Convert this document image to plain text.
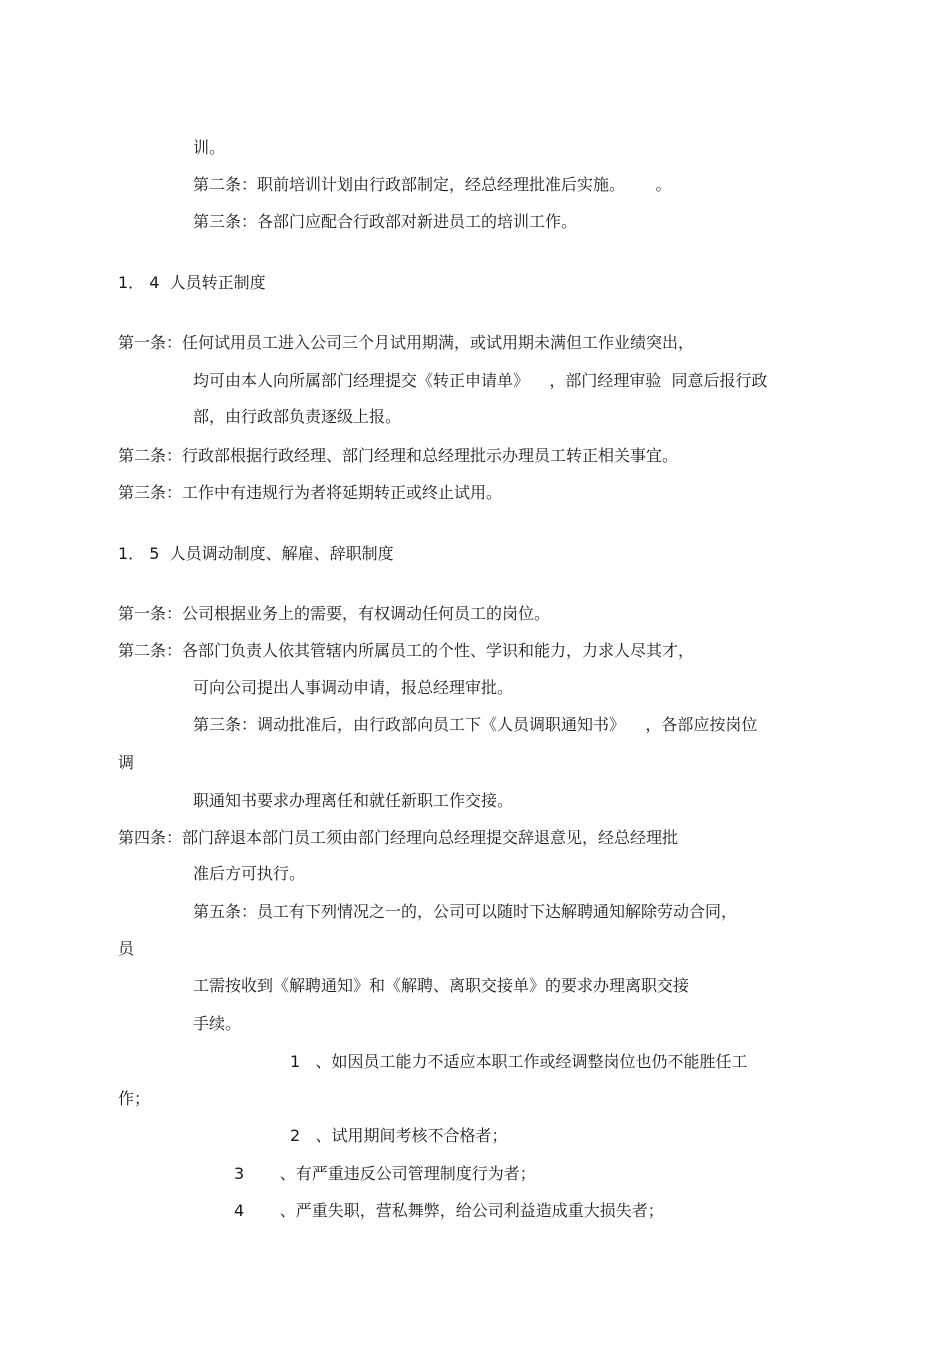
训。
第二条：职前培训计划由行政部制定，经总经理批准后实施。      。
第三条：各部门应配合行政部对新进员工的培训工作。
1． 4  人员转正制度
第一条：任何试用员工进入公司三个月试用期满，或试用期未满但工作业绩突出，
均可由本人向所属部门经理提交《转正申请单》    ，部门经理审验  同意后报行政
部，由行政部负责逐级上报。
第二条：行政部根据行政经理、部门经理和总经理批示办理员工转正相关事宜。
第三条：工作中有违规行为者将延期转正或终止试用。
1． 5  人员调动制度、解雇、辞职制度
第一条：公司根据业务上的需要，有权调动任何员工的岗位。
第二条：各部门负责人依其管辖内所属员工的个性、学识和能力，力求人尽其才，
可向公司提出人事调动申请，报总经理审批。
第三条：调动批准后，由行政部向员工下《人员调职通知书》    ，各部应按岗位
调
职通知书要求办理离任和就任新职工作交接。
第四条：部门辞退本部门员工须由部门经理向总经理提交辞退意见，经总经理批
准后方可执行。
第五条：员工有下列情况之一的，公司可以随时下达解聘通知解除劳动合同，
员
工需按收到《解聘通知》和《解聘、离职交接单》的要求办理离职交接
手续。
1   、如因员工能力不适应本职工作或经调整岗位也仍不能胜任工
作；
2   、试用期间考核不合格者；
3       、有严重违反公司管理制度行为者；
4       、严重失职，营私舞弊，给公司利益造成重大损失者；
